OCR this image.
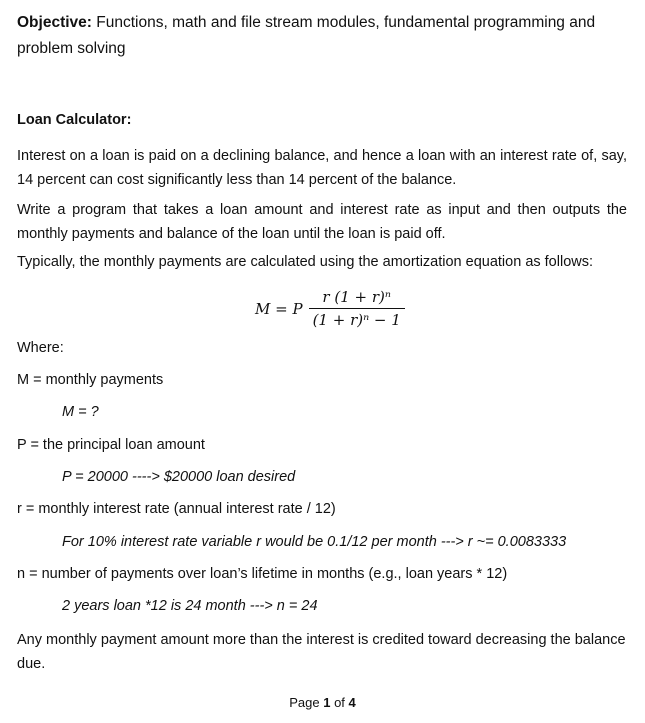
Objective: Functions, math and file stream modules, fundamental programming and problem solving
Loan Calculator:
Interest on a loan is paid on a declining balance, and hence a loan with an interest rate of, say, 14 percent can cost significantly less than 14 percent of the balance.
Write a program that takes a loan amount and interest rate as input and then outputs the monthly payments and balance of the loan until the loan is paid off.
Typically, the monthly payments are calculated using the amortization equation as follows:
M = P $\frac{\text{r (1 + r)ⁿ}}{\text{(1 + r)ⁿ − 1}}$
Where:
M = monthly payments
M = ?
P = the principal loan amount
P = 20000 ----> $20000 loan desired
r = monthly interest rate (annual interest rate / 12)
For 10% interest rate variable r would be 0.1/12 per month ---> r ~= 0.0083333
n = number of payments over loan’s lifetime in months (e.g., loan years * 12)
2 years loan *12 is 24 month ---> n = 24
Any monthly payment amount more than the interest is credited toward decreasing the balance due.
Page 1 of 4
